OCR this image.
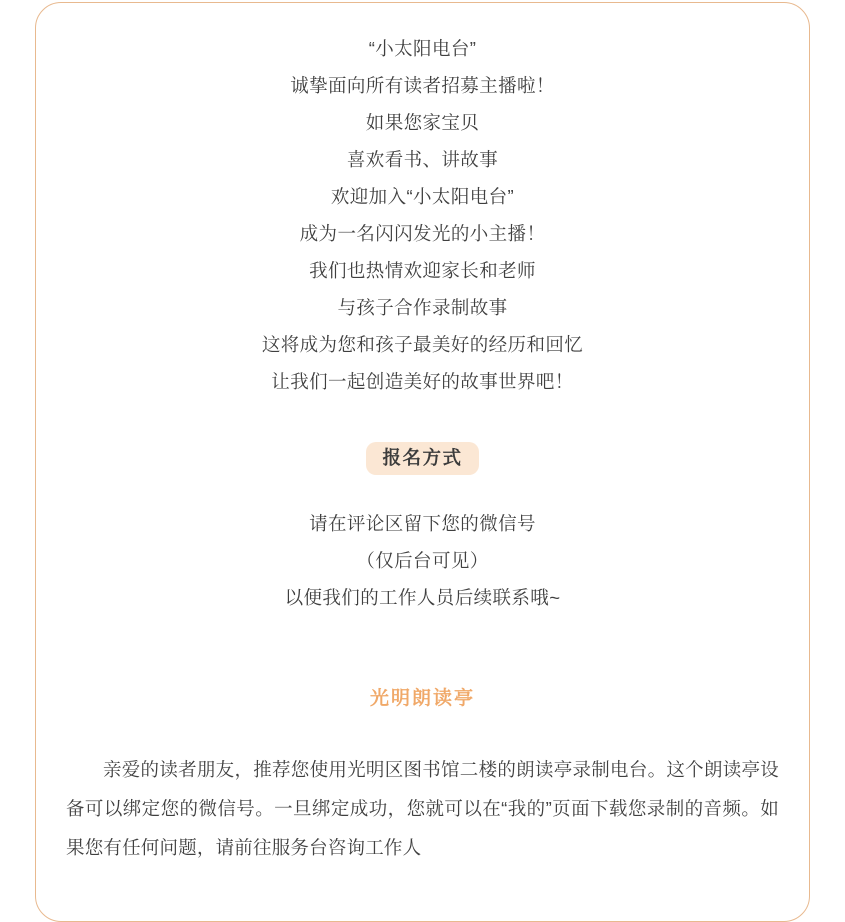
“小太阳电台”

诚挚面向所有读者招募主播啦！

如果您家宝贝

喜欢看书、讲故事

欢迎加入“小太阳电台”

成为一名闪闪发光的小主播！

我们也热情欢迎家长和老师

与孩子合作录制故事

这将成为您和孩子最美好的经历和回忆

让我们一起创造美好的故事世界吧！

报名方式

请在评论区留下您的微信号

（仅后台可见）

以便我们的工作人员后续联系哦~

光明朗读亭

亲爱的读者朋友，推荐您使用光明区图书馆二楼的朗读亭录制电台。这个朗读亭设备可以绑定您的微信号。一旦绑定成功，您就可以在“我的”页面下载您录制的音频。如果您有任何问题，请前往服务台咨询工作人
